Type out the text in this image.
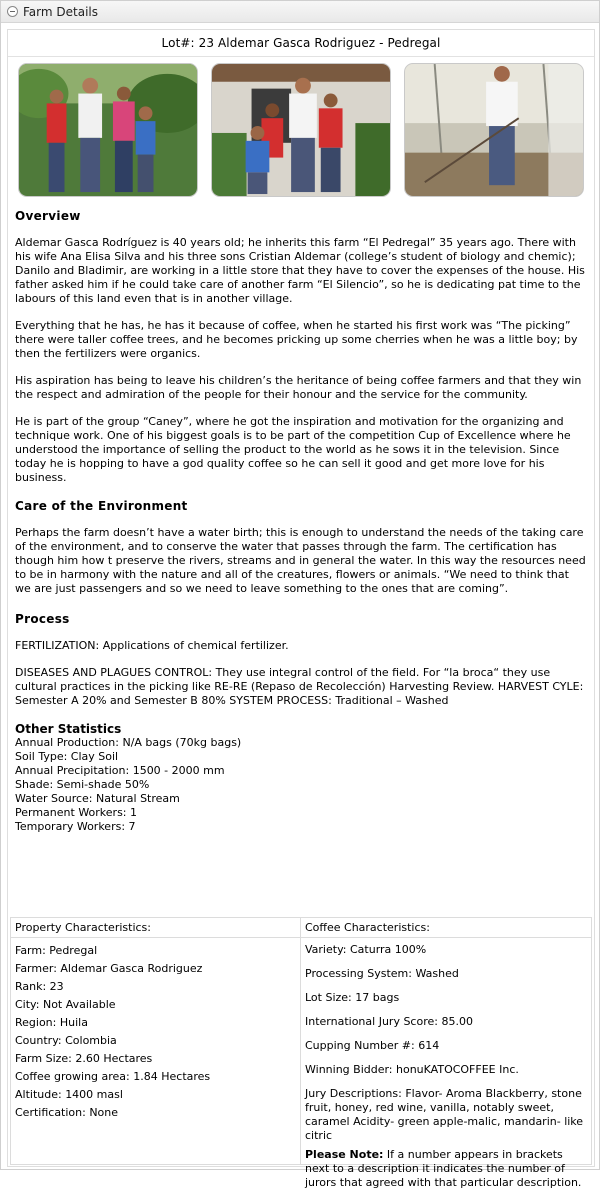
Farm Details
Lot#: 23 Aldemar Gasca Rodriguez - Pedregal
Overview

Aldemar Gasca Rodríguez is 40 years old; he inherits this farm “El Pedregal” 35 years ago. There with his wife Ana Elisa Silva and his three sons Cristian Aldemar (college’s student of biology and chemic); Danilo and Bladimir, are working in a little store that they have to cover the expenses of the house. His father asked him if he could take care of another farm “El Silencio”, so he is dedicating pat time to the labours of this land even that is in another village.

Everything that he has, he has it because of coffee, when he started his first work was “The picking” there were taller coffee trees, and he becomes pricking up some cherries when he was a little boy; by then the fertilizers were organics.

His aspiration has being to leave his children’s the heritance of being coffee farmers and that they win the respect and admiration of the people for their honour and the service for the community.

He is part of the group “Caney”, where he got the inspiration and motivation for the organizing and technique work. One of his biggest goals is to be part of the competition Cup of Excellence where he understood the importance of selling the product to the world as he sows it in the television. Since today he is hopping to have a god quality coffee so he can sell it good and get more love for his business.

Care of the Environment

Perhaps the farm doesn’t have a water birth; this is enough to understand the needs of the taking care of the environment, and to conserve the water that passes through the farm. The certification has though him how t preserve the rivers, streams and in general the water. In this way the resources need to be in harmony with the nature and all of the creatures, flowers or animals. “We need to think that we are just passengers and so we need to leave something to the ones that are coming”.

Process

FERTILIZATION: Applications of chemical fertilizer.

DISEASES AND PLAGUES CONTROL: They use integral control of the field. For “la broca“ they use cultural practices in the picking like RE-RE (Repaso de Recolección) Harvesting Review. HARVEST CYLE: Semester A 20% and Semester B 80% SYSTEM PROCESS: Traditional – Washed

Other Statistics
Annual Production: N/A bags (70kg bags)
Soil Type: Clay Soil
Annual Precipitation: 1500 - 2000 mm
Shade: Semi-shade 50%
Water Source: Natural Stream
Permanent Workers: 1
Temporary Workers: 7
Property Characteristics:
Farm: Pedregal
Farmer: Aldemar Gasca Rodriguez
Rank: 23
City: Not Available
Region: Huila
Country: Colombia
Farm Size: 2.60 Hectares
Coffee growing area: 1.84 Hectares
Altitude: 1400 masl
Certification: None
Coffee Characteristics:
Variety: Caturra 100%
Processing System: Washed
Lot Size: 17 bags
International Jury Score: 85.00
Cupping Number #: 614
Winning Bidder: honuKATOCOFFEE Inc.
Jury Descriptions: Flavor- Aroma Blackberry, stone fruit, honey, red wine, vanilla, notably sweet, caramel Acidity- green apple-malic, mandarin- like citric
Please Note: If a number appears in brackets next to a description it indicates the number of jurors that agreed with that particular description.
